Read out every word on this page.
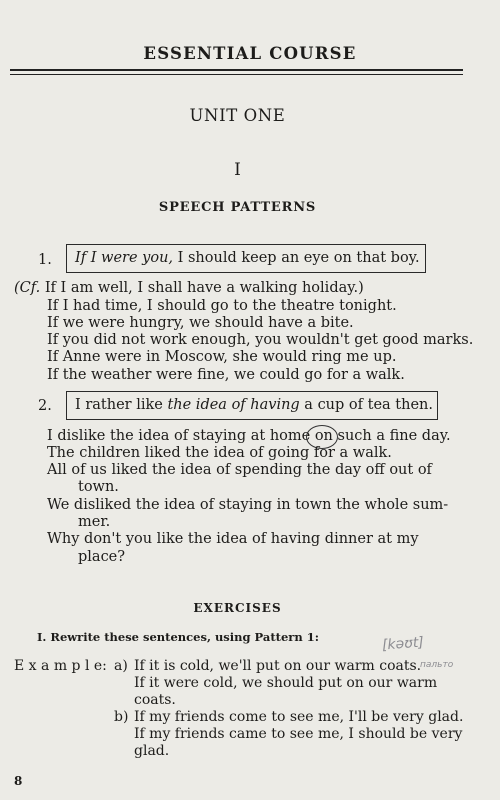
ESSENTIAL COURSE
UNIT ONE
I
SPEECH PATTERNS
1.	If I were you, I should keep an eye on that boy.
(Cf. If I am well, I shall have a walking holiday.)
If I had time, I should go to the theatre tonight.
If we were hungry, we should have a bite.
If you did not work enough, you wouldn't get good marks.
If Anne were in Moscow, she would ring me up.
If the weather were fine, we could go for a walk.
2.	I rather like the idea of having a cup of tea then.
I dislike the idea of staying at home on such a fine day.
The children liked the idea of going for a walk.
All of us liked the idea of spending the day off out of
town.
We disliked the idea of staying in town the whole sum-
mer.
Why don't you like the idea of having dinner at my
place?
EXERCISES
I. Rewrite these sentences, using Pattern 1:	[kəʊt]
E x a m p l e: a) If it is cold, we'll put on our warm coats.
пальто
If it were cold, we should put on our warm
coats.
b) If my friends come to see me, I'll be very glad.
If my friends came to see me, I should be very
glad.
8
